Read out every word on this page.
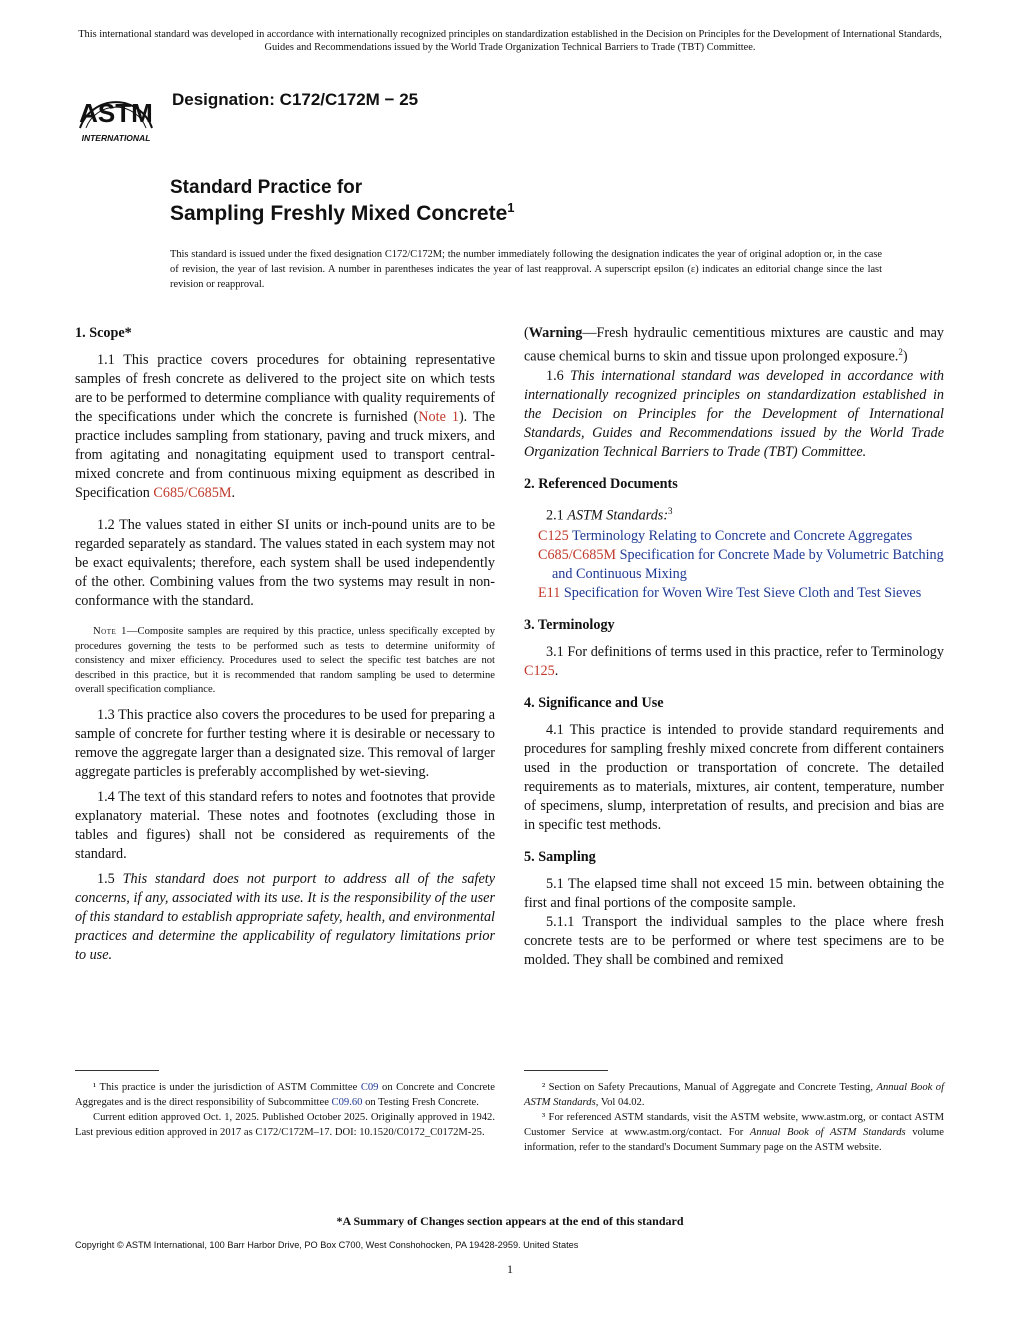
This international standard was developed in accordance with internationally recognized principles on standardization established in the Decision on Principles for the Development of International Standards, Guides and Recommendations issued by the World Trade Organization Technical Barriers to Trade (TBT) Committee.
ASTM
INTERNATIONAL
Designation: C172/C172M − 25
Standard Practice for
Sampling Freshly Mixed Concrete$^1$
This standard is issued under the fixed designation C172/C172M; the number immediately following the designation indicates the year of original adoption or, in the case of revision, the year of last revision. A number in parentheses indicates the year of last reapproval. A superscript epsilon (ε) indicates an editorial change since the last revision or reapproval.

1. Scope*

1.1 This practice covers procedures for obtaining representative samples of fresh concrete as delivered to the project site on which tests are to be performed to determine compliance with quality requirements of the specifications under which the concrete is furnished (Note 1). The practice includes sampling from stationary, paving and truck mixers, and from agitating and nonagitating equipment used to transport central-mixed concrete and from continuous mixing equipment as described in Specification C685/C685M.

1.2 The values stated in either SI units or inch-pound units are to be regarded separately as standard. The values stated in each system may not be exact equivalents; therefore, each system shall be used independently of the other. Combining values from the two systems may result in non-conformance with the standard.

Note 1—Composite samples are required by this practice, unless specifically excepted by procedures governing the tests to be performed such as tests to determine uniformity of consistency and mixer efficiency. Procedures used to select the specific test batches are not described in this practice, but it is recommended that random sampling be used to determine overall specification compliance.

1.3 This practice also covers the procedures to be used for preparing a sample of concrete for further testing where it is desirable or necessary to remove the aggregate larger than a designated size. This removal of larger aggregate particles is preferably accomplished by wet-sieving.

1.4 The text of this standard refers to notes and footnotes that provide explanatory material. These notes and footnotes (excluding those in tables and figures) shall not be considered as requirements of the standard.

1.5 This standard does not purport to address all of the safety concerns, if any, associated with its use. It is the responsibility of the user of this standard to establish appropriate safety, health, and environmental practices and determine the applicability of regulatory limitations prior to use.

(Warning—Fresh hydraulic cementitious mixtures are caustic and may cause chemical burns to skin and tissue upon prolonged exposure.$^2$)

1.6 This international standard was developed in accordance with internationally recognized principles on standardization established in the Decision on Principles for the Development of International Standards, Guides and Recommendations issued by the World Trade Organization Technical Barriers to Trade (TBT) Committee.

2. Referenced Documents

2.1 ASTM Standards:$^3$

C125 Terminology Relating to Concrete and Concrete Aggregates

C685/C685M Specification for Concrete Made by Volumetric Batching and Continuous Mixing

E11 Specification for Woven Wire Test Sieve Cloth and Test Sieves

3. Terminology

3.1 For definitions of terms used in this practice, refer to Terminology C125.

4. Significance and Use

4.1 This practice is intended to provide standard requirements and procedures for sampling freshly mixed concrete from different containers used in the production or transportation of concrete. The detailed requirements as to materials, mixtures, air content, temperature, number of specimens, slump, interpretation of results, and precision and bias are in specific test methods.

5. Sampling

5.1 The elapsed time shall not exceed 15 min. between obtaining the first and final portions of the composite sample.

5.1.1 Transport the individual samples to the place where fresh concrete tests are to be performed or where test specimens are to be molded. They shall be combined and remixed

¹ This practice is under the jurisdiction of ASTM Committee C09 on Concrete and Concrete Aggregates and is the direct responsibility of Subcommittee C09.60 on Testing Fresh Concrete.

Current edition approved Oct. 1, 2025. Published October 2025. Originally approved in 1942. Last previous edition approved in 2017 as C172/C172M–17. DOI: 10.1520/C0172_C0172M-25.

² Section on Safety Precautions, Manual of Aggregate and Concrete Testing, Annual Book of ASTM Standards, Vol 04.02.

³ For referenced ASTM standards, visit the ASTM website, www.astm.org, or contact ASTM Customer Service at www.astm.org/contact. For Annual Book of ASTM Standards volume information, refer to the standard's Document Summary page on the ASTM website.

*A Summary of Changes section appears at the end of this standard
Copyright © ASTM International, 100 Barr Harbor Drive, PO Box C700, West Conshohocken, PA 19428-2959. United States
1
